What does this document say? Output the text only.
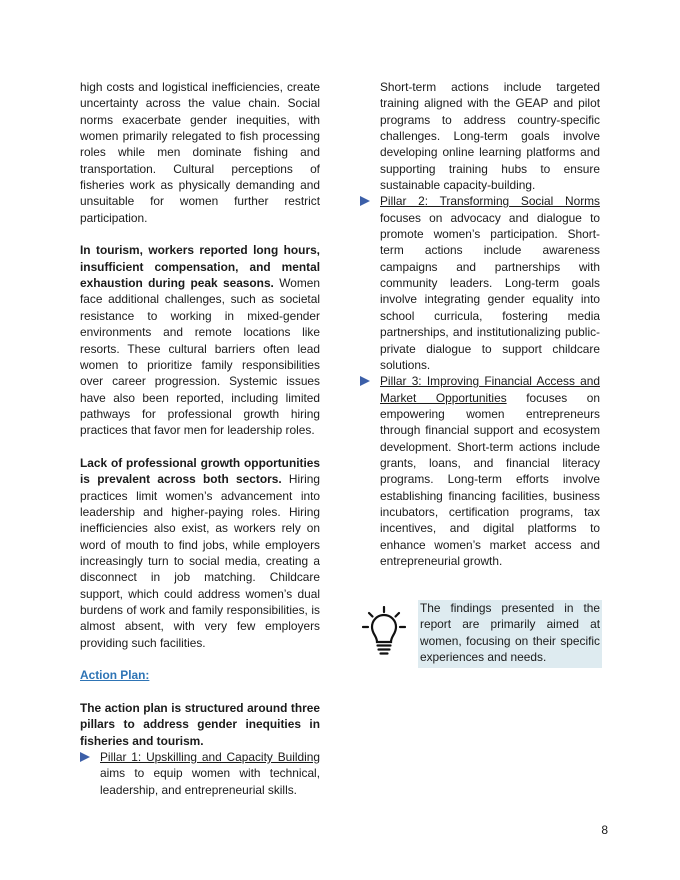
high costs and logistical inefficiencies, create uncertainty across the value chain. Social norms exacerbate gender inequities, with women primarily relegated to fish processing roles while men dominate fishing and transportation. Cultural perceptions of fisheries work as physically demanding and unsuitable for women further restrict participation.

In tourism, workers reported long hours, insufficient compensation, and mental exhaustion during peak seasons. Women face additional challenges, such as societal resistance to working in mixed-gender environments and remote locations like resorts. These cultural barriers often lead women to prioritize family responsibilities over career progression. Systemic issues have also been reported, including limited pathways for professional growth hiring practices that favor men for leadership roles.

Lack of professional growth opportunities is prevalent across both sectors. Hiring practices limit women’s advancement into leadership and higher-paying roles. Hiring inefficiencies also exist, as workers rely on word of mouth to find jobs, while employers increasingly turn to social media, creating a disconnect in job matching. Childcare support, which could address women’s dual burdens of work and family responsibilities, is almost absent, with very few employers providing such facilities.

Action Plan:

The action plan is structured around three pillars to address gender inequities in fisheries and tourism.

Pillar 1: Upskilling and Capacity Building aims to equip women with technical, leadership, and entrepreneurial skills.

Short-term actions include targeted training aligned with the GEAP and pilot programs to address country-specific challenges. Long-term goals involve developing online learning platforms and supporting training hubs to ensure sustainable capacity-building.

Pillar 2: Transforming Social Norms focuses on advocacy and dialogue to promote women’s participation. Short-term actions include awareness campaigns and partnerships with community leaders. Long-term goals involve integrating gender equality into school curricula, fostering media partnerships, and institutionalizing public-private dialogue to support childcare solutions.
Pillar 3: Improving Financial Access and Market Opportunities focuses on empowering women entrepreneurs through financial support and ecosystem development. Short-term actions include grants, loans, and financial literacy programs. Long-term efforts involve establishing financing facilities, business incubators, certification programs, tax incentives, and digital platforms to enhance women’s market access and entrepreneurial growth.
The findings presented in the report are primarily aimed at women, focusing on their specific experiences and needs.
8
